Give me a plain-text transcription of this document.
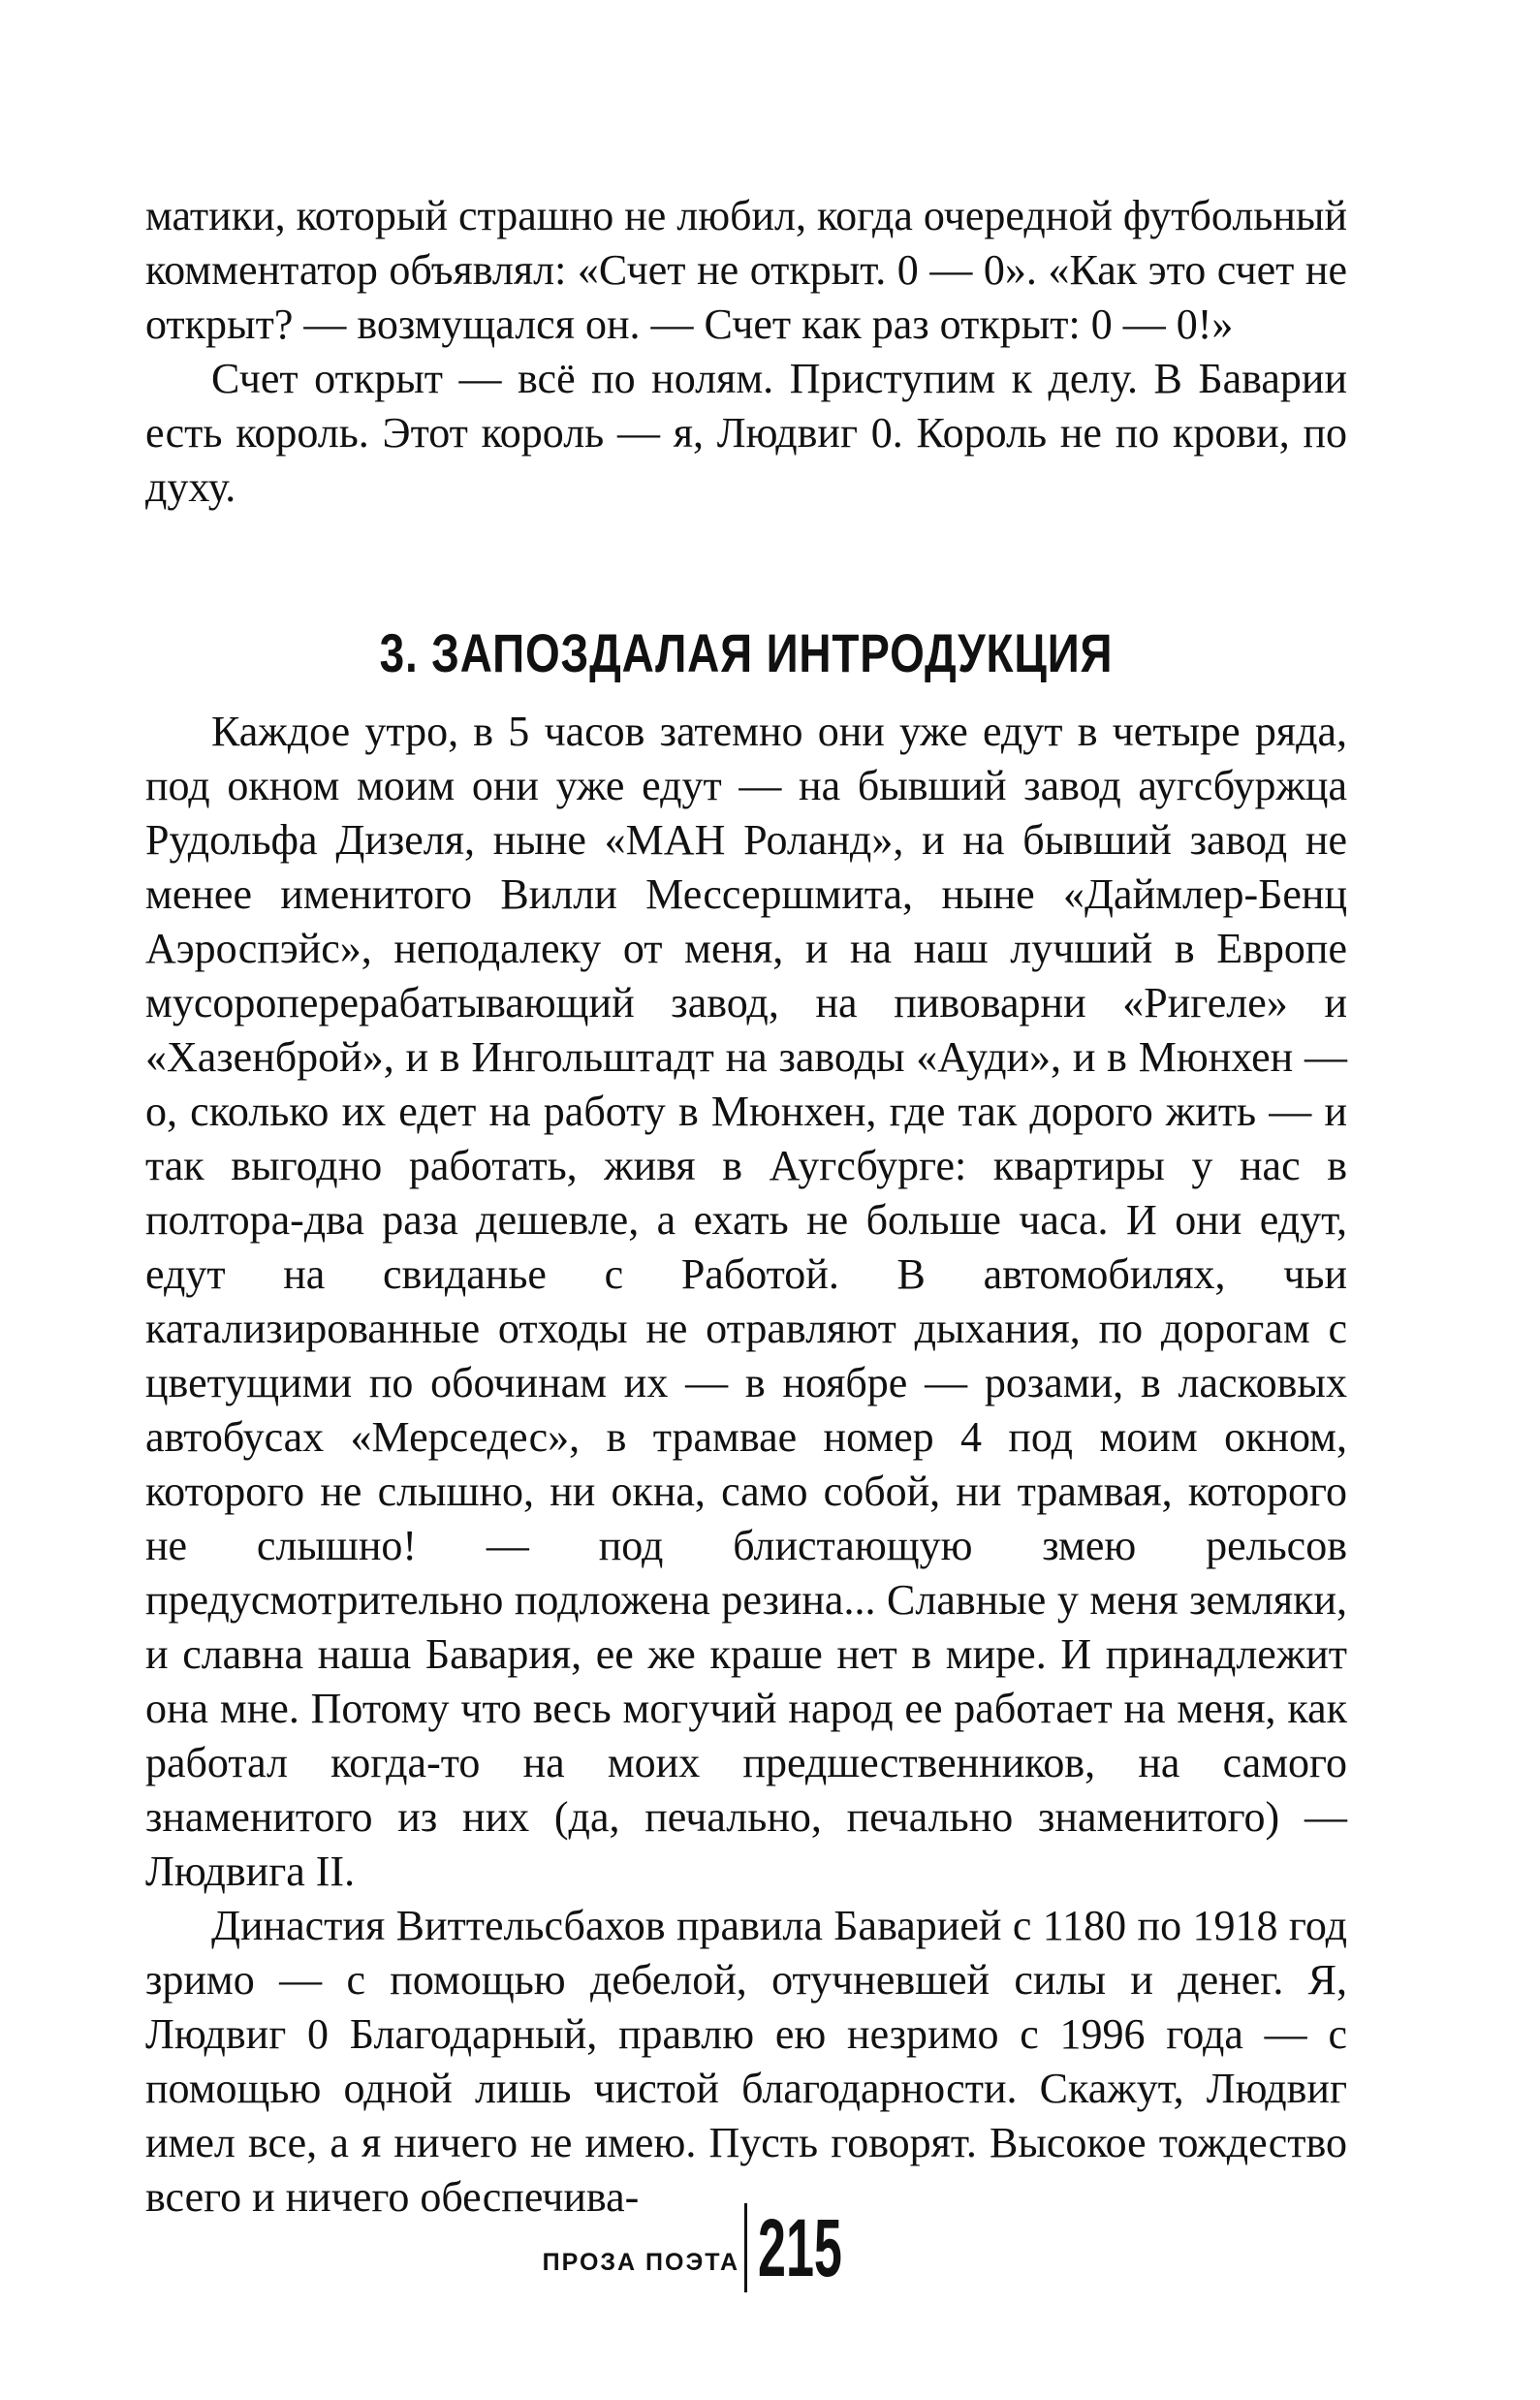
матики, который страшно не любил, когда очередной футбольный комментатор объявлял: «Счет не открыт. 0 — 0». «Как это счет не открыт? — возмущался он. — Счет как раз открыт: 0 — 0!»

Счет открыт — всё по нолям. Приступим к делу. В Баварии есть король. Этот король — я, Людвиг 0. Король не по крови, по духу.

3. ЗАПОЗДАЛАЯ ИНТРОДУКЦИЯ

Каждое утро, в 5 часов затемно они уже едут в четыре ряда, под окном моим они уже едут — на бывший завод аугсбуржца Рудольфа Дизеля, ныне «МАН Роланд», и на бывший завод не менее именитого Вилли Мессершмита, ныне «Даймлер-Бенц Аэроспэйс», неподалеку от меня, и на наш лучший в Европе мусороперерабатывающий завод, на пивоварни «Ригеле» и «Хазенброй», и в Ингольштадт на заводы «Ауди», и в Мюнхен — о, сколько их едет на работу в Мюнхен, где так дорого жить — и так выгодно работать, живя в Аугсбурге: квартиры у нас в полтора-два раза дешевле, а ехать не больше часа. И они едут, едут на свиданье с Работой. В автомобилях, чьи катализированные отходы не отравляют дыхания, по дорогам с цветущими по обочинам их — в ноябре — розами, в ласковых автобусах «Мерседес», в трамвае номер 4 под моим окном, которого не слышно, ни окна, само собой, ни трамвая, которого не слышно! — под блистающую змею рельсов предусмотрительно подложена резина... Славные у меня земляки, и славна наша Бавария, ее же краше нет в мире. И принадлежит она мне. Потому что весь могучий народ ее работает на меня, как работал когда-то на моих предшественников, на самого знаменитого из них (да, печально, печально знаменитого) — Людвига II.

Династия Виттельсбахов правила Баварией с 1180 по 1918 год зримо — с помощью дебелой, отучневшей силы и денег. Я, Людвиг 0 Благодарный, правлю ею незримо с 1996 года — с помощью одной лишь чистой благодарности. Скажут, Людвиг имел все, а я ничего не имею. Пусть говорят. Высокое тождество всего и ничего обеспечива-

ПРОЗА ПОЭТА 215
